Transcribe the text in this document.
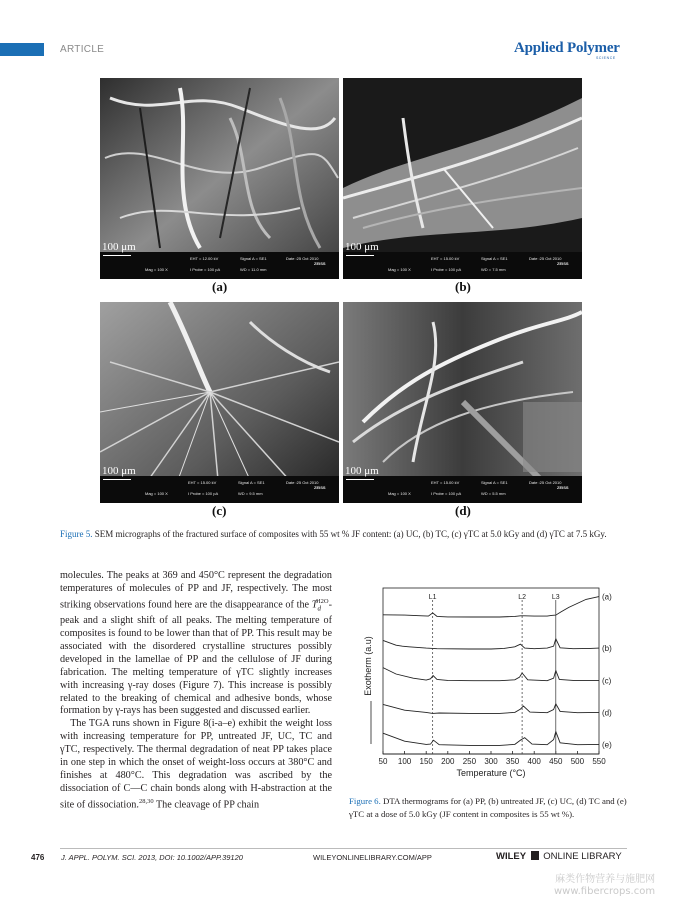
ARTICLE	Applied Polymer
SCIENCE
EHT = 12.00 kV	Signal A = SE1	Date :25 Oct 2010
Mag = 100 X	I Probe = 100 pA	WD = 11.0 mm
ZEISS
100 μm
EHT = 15.00 kV	Signal A = SE1	Date :25 Oct 2010
Mag = 100 X	I Probe = 100 pA	WD = 7.5 mm
ZEISS
100 μm
(a)	(b)
EHT = 15.00 kV	Signal A = SE1	Date :25 Oct 2010
Mag = 100 X	I Probe = 100 pA	WD = 9.5 mm
ZEISS
100 μm
EHT = 15.00 kV	Signal A = SE1	Date :25 Oct 2010
Mag = 100 X	I Probe = 100 pA	WD = 5.5 mm
ZEISS
100 μm
(c)	(d)
Figure 5. SEM micrographs of the fractured surface of composites with 55 wt % JF content: (a) UC, (b) TC, (c) γTC at 5.0 kGy and (d) γTC at 7.5 kGy.

molecules. The peaks at 369 and 450°C represent the degradation temperatures of molecules of PP and JF, respectively. The most striking observations found here are the disappearance of the $T_d^{H2O}$-peak and a slight shift of all peaks. The melting temperature of composites is found to be lower than that of PP. This result may be associated with the disordered crystalline structures possibly developed in the lamellae of PP and the cellulose of JF during fabrication. The melting temperature of γTC slightly increases with increasing γ-ray doses (Figure 7). This increase is possibly related to the breaking of chemical and adhesive bonds, whose formation by γ-rays has been suggested and discussed earlier.

 The TGA runs shown in Figure 8(i-a–e) exhibit the weight loss with increasing temperature for PP, untreated JF, UC, TC and γTC, respectively. The thermal degradation of neat PP takes place in one step in which the onset of weight-loss occurs at 380°C and finishes at 480°C. This degradation was ascribed by the dissociation of C—C chain bonds along with H-abstraction at the site of dissociation.$^{28,30}$ The cleavage of PP chain

(a)
(b)
(c)
(d)
(e)
50 100 150 200 250 300 350 400 450 500 550
Temperature (°C)
Exotherm (a.u)
L1	L2	L3
Figure 6. DTA thermograms for (a) PP, (b) untreated JF, (c) UC, (d) TC and (e) γTC at a dose of 5.0 kGy (JF content in composites is 55 wt %).
476 J. APPL. POLYM. SCI. 2013, DOI: 10.1002/APP.39120	WILEYONLINELIBRARY.COM/APP	WILEY ONLINE LIBRARY
麻类作物营养与施肥网
www.fibercrops.com
